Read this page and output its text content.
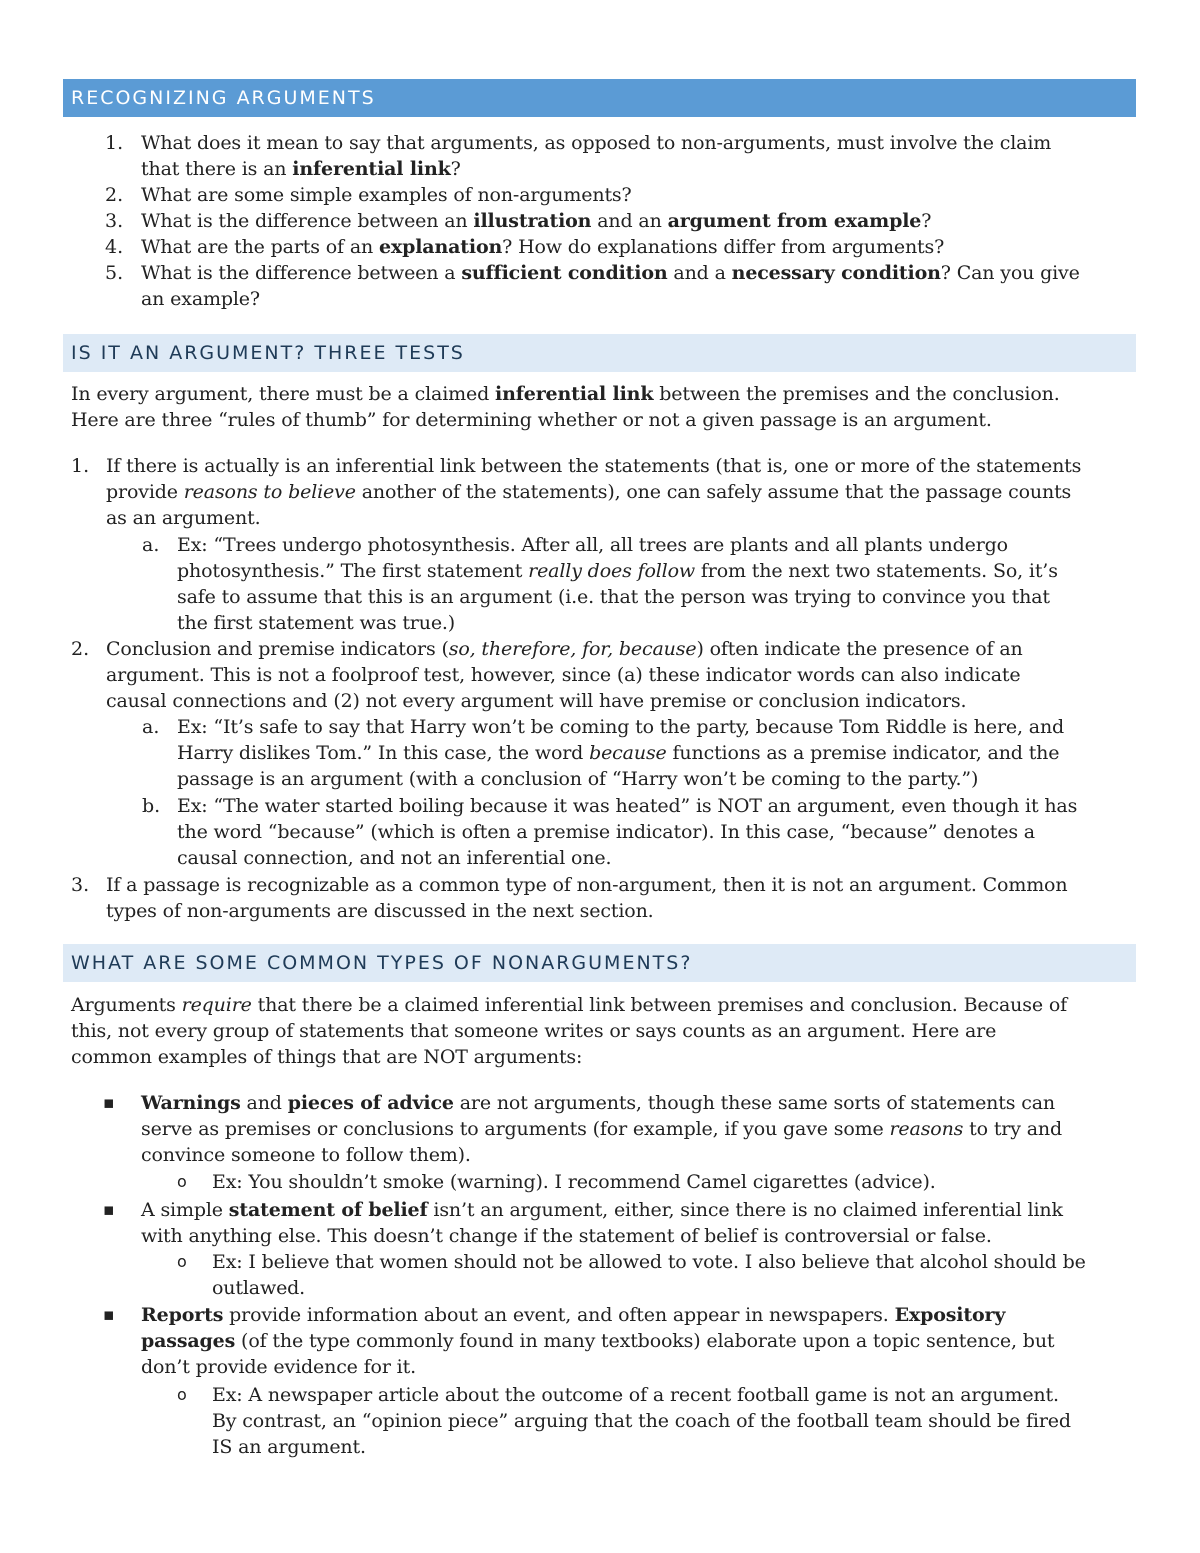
RECOGNIZING ARGUMENTS
1. What does it mean to say that arguments, as opposed to non-arguments, must involve the claim
that there is an inferential link?
2. What are some simple examples of non-arguments?
3. What is the difference between an illustration and an argument from example?
4. What are the parts of an explanation? How do explanations differ from arguments?
5. What is the difference between a sufficient condition and a necessary condition? Can you give
an example?
IS IT AN ARGUMENT? THREE TESTS
In every argument, there must be a claimed inferential link between the premises and the conclusion.
Here are three “rules of thumb” for determining whether or not a given passage is an argument.
1. If there is actually is an inferential link between the statements (that is, one or more of the statements
provide reasons to believe another of the statements), one can safely assume that the passage counts
as an argument.
a. Ex: “Trees undergo photosynthesis. After all, all trees are plants and all plants undergo
photosynthesis.” The first statement really does follow from the next two statements. So, it’s
safe to assume that this is an argument (i.e. that the person was trying to convince you that
the first statement was true.)
2. Conclusion and premise indicators (so, therefore, for, because) often indicate the presence of an
argument. This is not a foolproof test, however, since (a) these indicator words can also indicate
causal connections and (2) not every argument will have premise or conclusion indicators.
a. Ex: “It’s safe to say that Harry won’t be coming to the party, because Tom Riddle is here, and
Harry dislikes Tom.” In this case, the word because functions as a premise indicator, and the
passage is an argument (with a conclusion of “Harry won’t be coming to the party.”)
b. Ex: “The water started boiling because it was heated” is NOT an argument, even though it has
the word “because” (which is often a premise indicator). In this case, “because” denotes a
causal connection, and not an inferential one.
3. If a passage is recognizable as a common type of non-argument, then it is not an argument. Common
types of non-arguments are discussed in the next section.
WHAT ARE SOME COMMON TYPES OF NONARGUMENTS?
Arguments require that there be a claimed inferential link between premises and conclusion. Because of
this, not every group of statements that someone writes or says counts as an argument. Here are
common examples of things that are NOT arguments:
▪ Warnings and pieces of advice are not arguments, though these same sorts of statements can
serve as premises or conclusions to arguments (for example, if you gave some reasons to try and
convince someone to follow them).
o Ex: You shouldn’t smoke (warning). I recommend Camel cigarettes (advice).
▪ A simple statement of belief isn’t an argument, either, since there is no claimed inferential link
with anything else. This doesn’t change if the statement of belief is controversial or false.
o Ex: I believe that women should not be allowed to vote. I also believe that alcohol should be
outlawed.
▪ Reports provide information about an event, and often appear in newspapers. Expository
passages (of the type commonly found in many textbooks) elaborate upon a topic sentence, but
don’t provide evidence for it.
o Ex: A newspaper article about the outcome of a recent football game is not an argument.
By contrast, an “opinion piece” arguing that the coach of the football team should be fired
IS an argument.
